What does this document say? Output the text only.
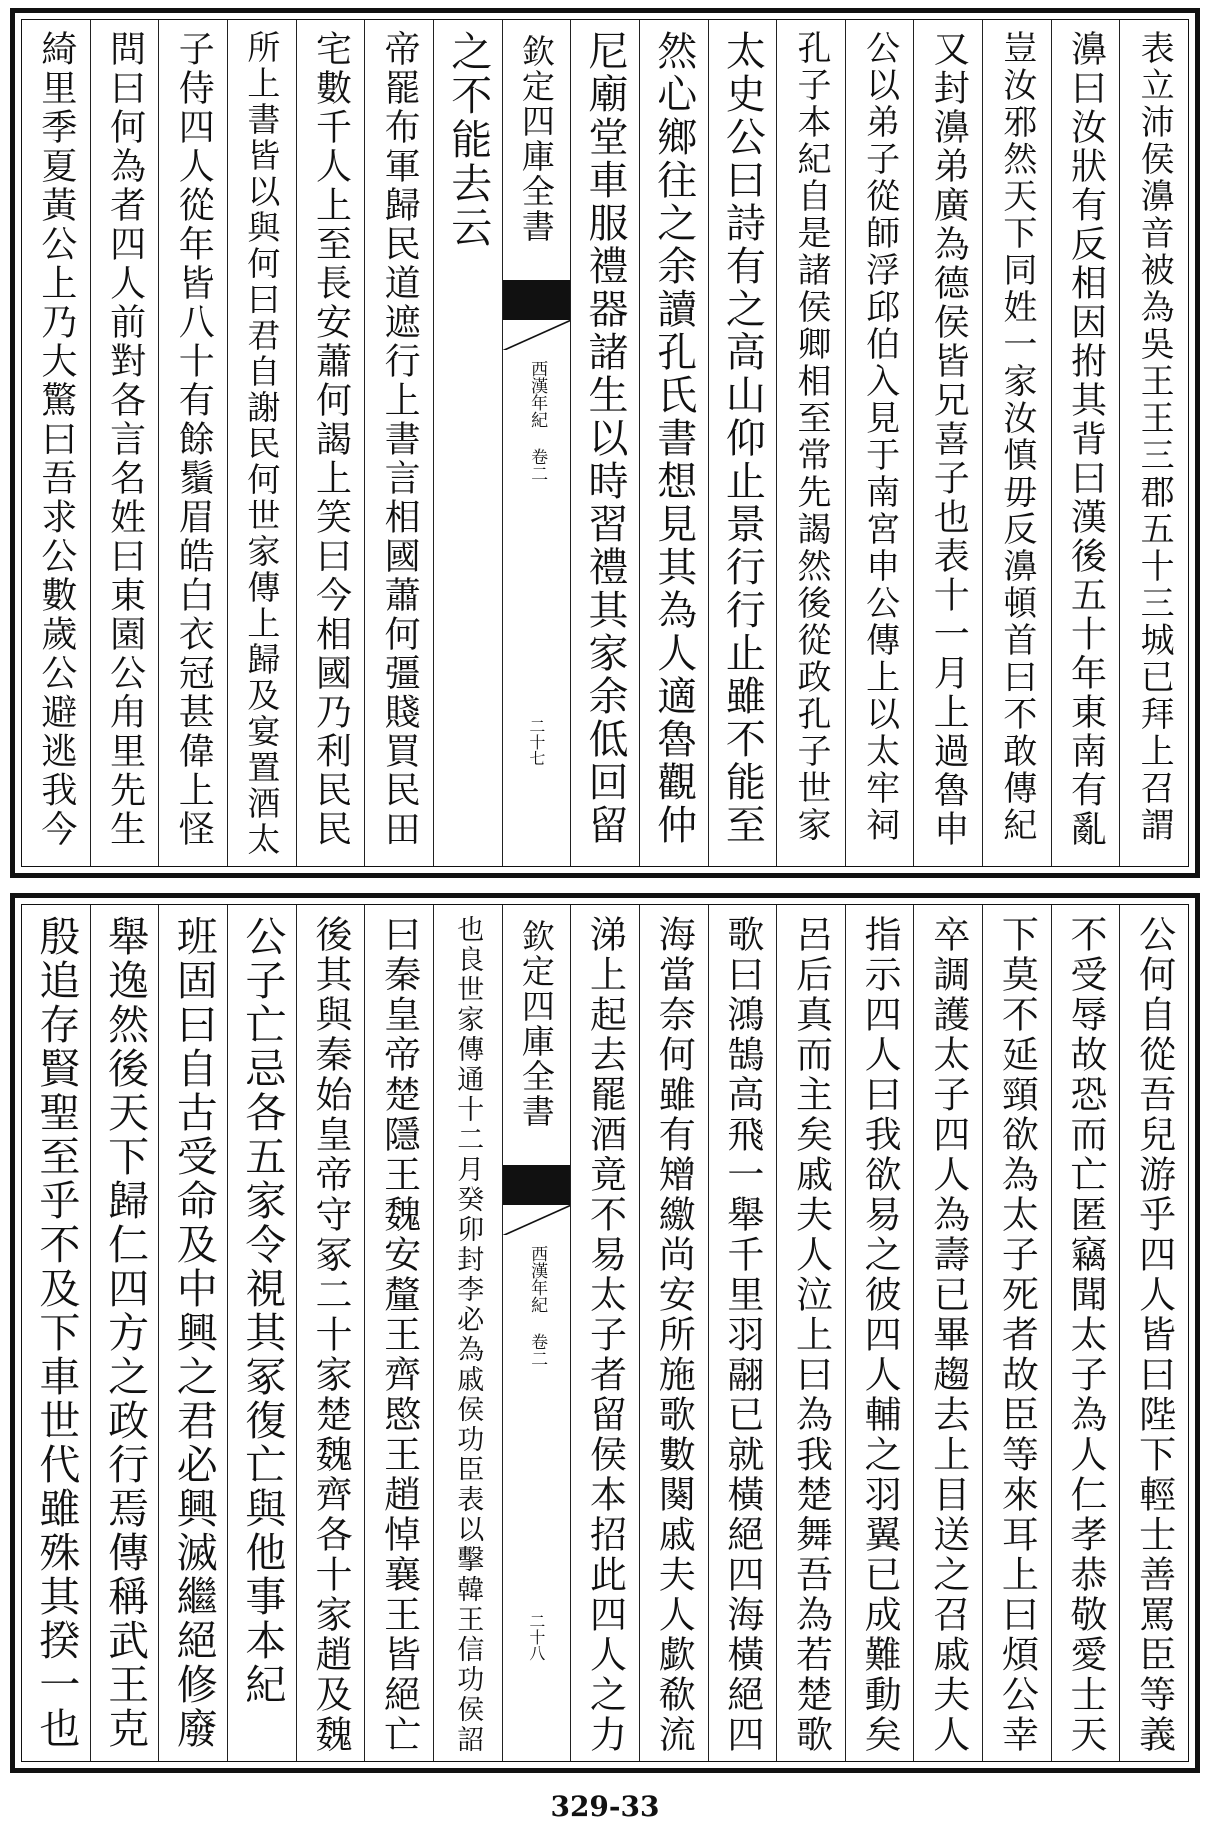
表立沛侯濞音被為吳王王三郡五十三城已拜上召謂
濞曰汝狀有反相因拊其背曰漢後五十年東南有亂
豈汝邪然天下同姓一家汝慎毋反濞頓首曰不敢傳紀
又封濞弟廣為德侯皆兄喜子也表十一月上過魯申
公以弟子從師浮邱伯入見于南宮申公傳上以太牢祠
孔子本紀自是諸侯卿相至常先謁然後從政孔子世家
太史公曰詩有之高山仰止景行行止雖不能至
然心鄉往之余讀孔氏書想見其為人適魯觀仲
尼廟堂車服禮器諸生以時習禮其家余低回留
欽定四庫全書
西漢年紀 卷二
二十七
之不能去云
帝罷布軍歸民道遮行上書言相國蕭何彊賤買民田
宅數千人上至長安蕭何謁上笑曰今相國乃利民民
所上書皆以與何曰君自謝民何世家傳上歸及宴置酒太
子侍四人從年皆八十有餘鬚眉皓白衣冠甚偉上怪
問曰何為者四人前對各言名姓曰東園公甪里先生
綺里季夏黃公上乃大驚曰吾求公數歲公避逃我今
公何自從吾兒游乎四人皆曰陛下輕士善罵臣等義
不受辱故恐而亡匿竊聞太子為人仁孝恭敬愛士天
下莫不延頸欲為太子死者故臣等來耳上曰煩公幸
卒調護太子四人為壽已畢趨去上目送之召戚夫人
指示四人曰我欲易之彼四人輔之羽翼已成難動矣
呂后真而主矣戚夫人泣上曰為我楚舞吾為若楚歌
歌曰鴻鵠高飛一舉千里羽翮已就橫絕四海橫絕四
海當奈何雖有矰繳尚安所施歌數闋戚夫人歔欷流
涕上起去罷酒竟不易太子者留侯本招此四人之力
欽定四庫全書
西漢年紀 卷二
二十八
也良世家傳通十二月癸卯封李必為戚侯功臣表以擊韓王信功侯詔
曰秦皇帝楚隱王魏安釐王齊愍王趙悼襄王皆絕亡
後其與秦始皇帝守冢二十家楚魏齊各十家趙及魏
公子亡忌各五家令視其冢復亡與他事本紀
班固曰自古受命及中興之君必興滅繼絕修廢
舉逸然後天下歸仁四方之政行焉傳稱武王克
殷追存賢聖至乎不及下車世代雖殊其揆一也
329-33
